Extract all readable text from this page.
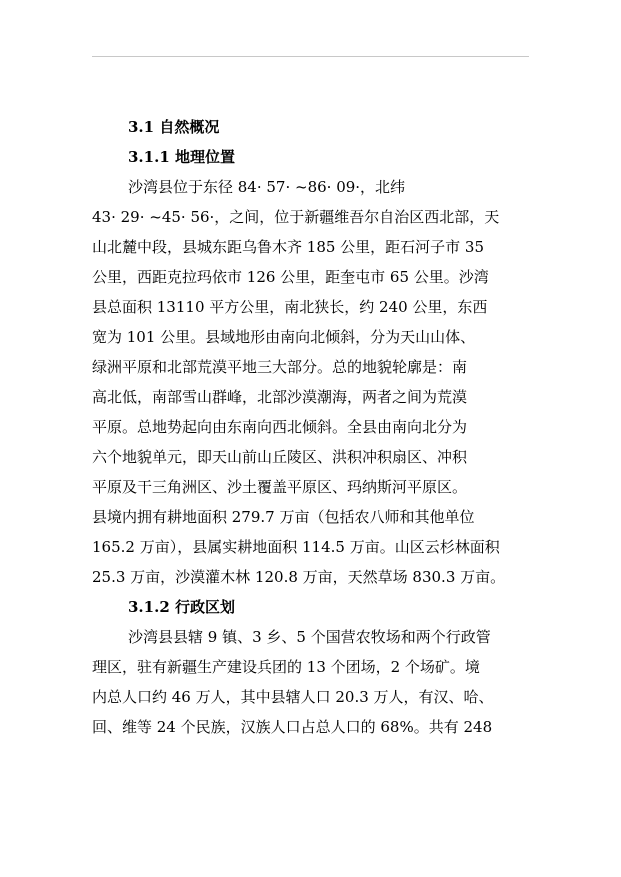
3.1 自然概况

3.1.1 地理位置

沙湾县位于东径 84· 57· ~86· 09·，北纬

43· 29· ~45· 56·，之间，位于新疆维吾尔自治区西北部，天

山北麓中段，县城东距乌鲁木齐 185 公里，距石河子市 35

公里，西距克拉玛依市 126 公里，距奎屯市 65 公里。沙湾

县总面积 13110 平方公里，南北狭长，约 240 公里，东西

宽为 101 公里。县域地形由南向北倾斜，分为天山山体、

绿洲平原和北部荒漠平地三大部分。总的地貌轮廓是：南

高北低，南部雪山群峰，北部沙漠潮海，两者之间为荒漠

平原。总地势起向由东南向西北倾斜。全县由南向北分为

六个地貌单元，即天山前山丘陵区、洪积冲积扇区、冲积

平原及干三角洲区、沙土覆盖平原区、玛纳斯河平原区。

县境内拥有耕地面积 279.7 万亩（包括农八师和其他单位

165.2 万亩），县属实耕地面积 114.5 万亩。山区云杉林面积

25.3 万亩，沙漠灌木林 120.8 万亩，天然草场 830.3 万亩。

3.1.2 行政区划

沙湾县县辖 9 镇、3 乡、5 个国营农牧场和两个行政管

理区，驻有新疆生产建设兵团的 13 个团场，2 个场矿。境

内总人口约 46 万人，其中县辖人口 20.3 万人，有汉、哈、

回、维等 24 个民族，汉族人口占总人口的 68%。共有 248
